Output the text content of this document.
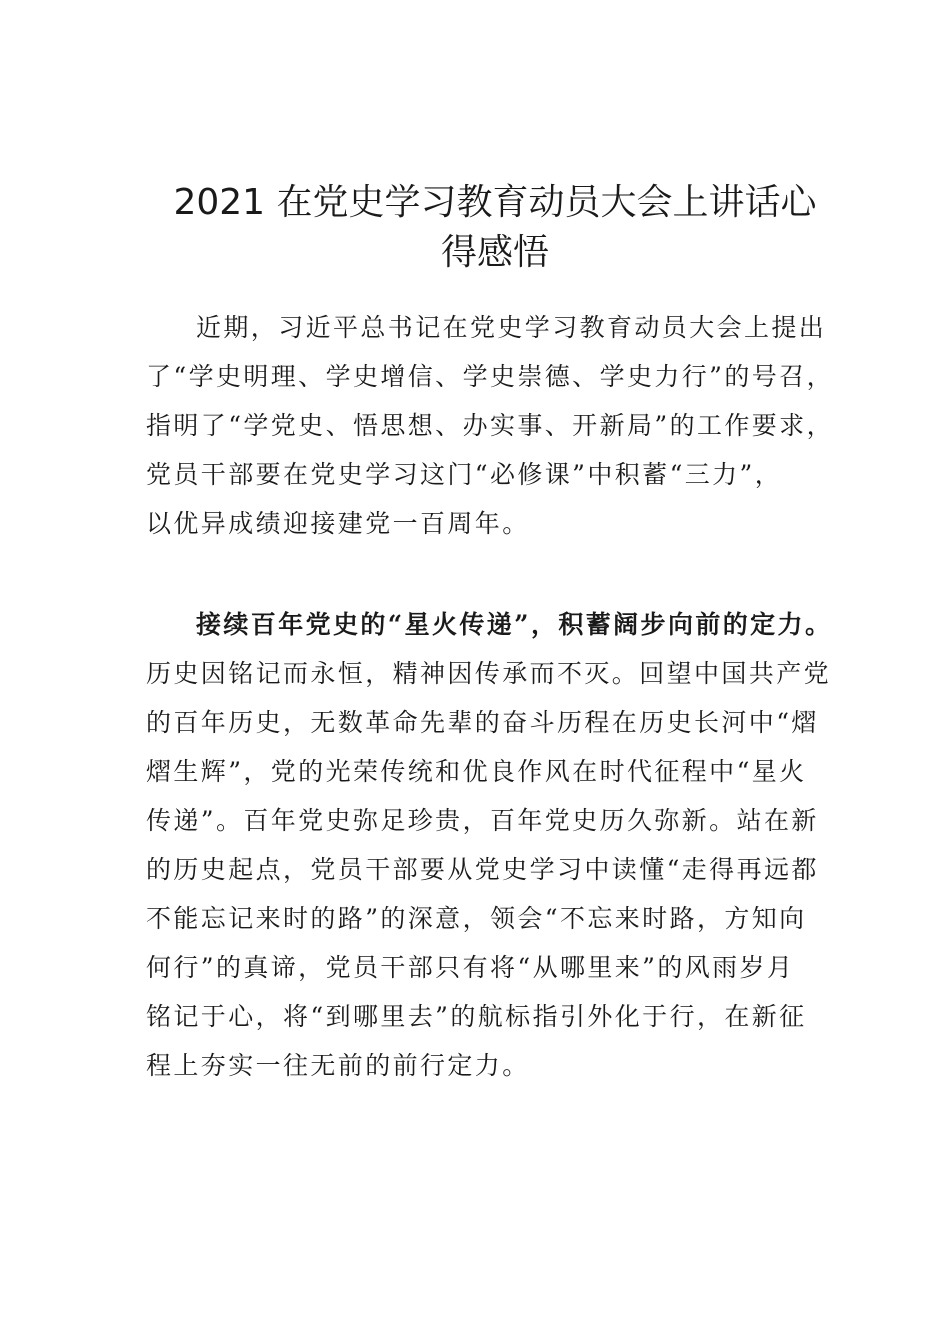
2021 在党史学习教育动员大会上讲话心
得感悟
近期，习近平总书记在党史学习教育动员大会上提出
了“学史明理、学史增信、学史崇德、学史力行”的号召，
指明了“学党史、悟思想、办实事、开新局”的工作要求，
党员干部要在党史学习这门“必修课”中积蓄“三力”，
以优异成绩迎接建党一百周年。
接续百年党史的“星火传递”，积蓄阔步向前的定力。
历史因铭记而永恒，精神因传承而不灭。回望中国共产党
的百年历史，无数革命先辈的奋斗历程在历史长河中“熠
熠生辉”，党的光荣传统和优良作风在时代征程中“星火
传递”。百年党史弥足珍贵，百年党史历久弥新。站在新
的历史起点，党员干部要从党史学习中读懂“走得再远都
不能忘记来时的路”的深意，领会“不忘来时路，方知向
何行”的真谛，党员干部只有将“从哪里来”的风雨岁月
铭记于心，将“到哪里去”的航标指引外化于行，在新征
程上夯实一往无前的前行定力。
